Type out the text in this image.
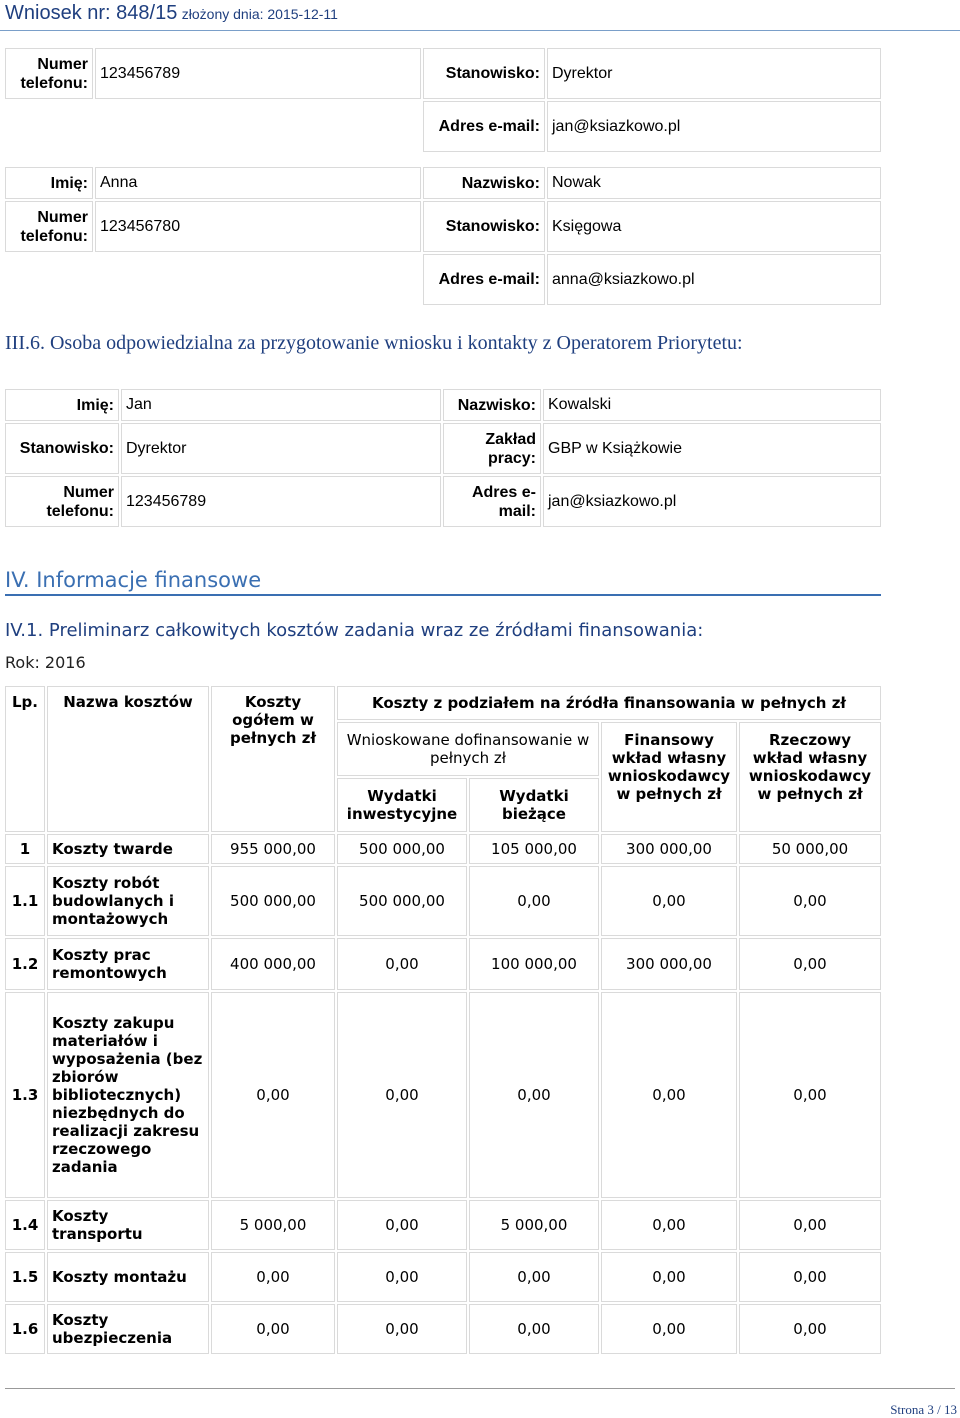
Wniosek nr: 848/15 złożony dnia: 2015-12-11
Numer telefonu:	123456789	Stanowisko:	Dyrektor
		Adres e-mail:	jan@ksiazkowo.pl
Imię:	Anna	Nazwisko:	Nowak
Numer telefonu:	123456780	Stanowisko:	Księgowa
		Adres e-mail:	anna@ksiazkowo.pl
III.6. Osoba odpowiedzialna za przygotowanie wniosku i kontakty z Operatorem Priorytetu:
Imię:	Jan	Nazwisko:	Kowalski
Stanowisko:	Dyrektor	Zakład pracy:	GBP w Książkowie
Numer telefonu:	123456789	Adres e-mail:	jan@ksiazkowo.pl
IV. Informacje finansowe
IV.1. Preliminarz całkowitych kosztów zadania wraz ze źródłami finansowania:
Rok: 2016
Lp.	Nazwa kosztów	Koszty ogółem w pełnych zł	Koszty z podziałem na źródła finansowania w pełnych zł			
			Wnioskowane dofinansowanie w pełnych zł		Finansowy wkład własny wnioskodawcy w pełnych zł	Rzeczowy wkład własny wnioskodawcy w pełnych zł
			Wydatki inwestycyjne	Wydatki bieżące		
1	Koszty twarde	955 000,00	500 000,00	105 000,00	300 000,00	50 000,00
1.1	Koszty robót budowlanych i montażowych	500 000,00	500 000,00	0,00	0,00	0,00
1.2	Koszty prac remontowych	400 000,00	0,00	100 000,00	300 000,00	0,00
1.3	Koszty zakupu materiałów i wyposażenia (bez zbiorów bibliotecznych) niezbędnych do realizacji zakresu rzeczowego zadania	0,00	0,00	0,00	0,00	0,00
1.4	Koszty transportu	5 000,00	0,00	5 000,00	0,00	0,00
1.5	Koszty montażu	0,00	0,00	0,00	0,00	0,00
1.6	Koszty ubezpieczenia	0,00	0,00	0,00	0,00	0,00
Strona 3 / 13
